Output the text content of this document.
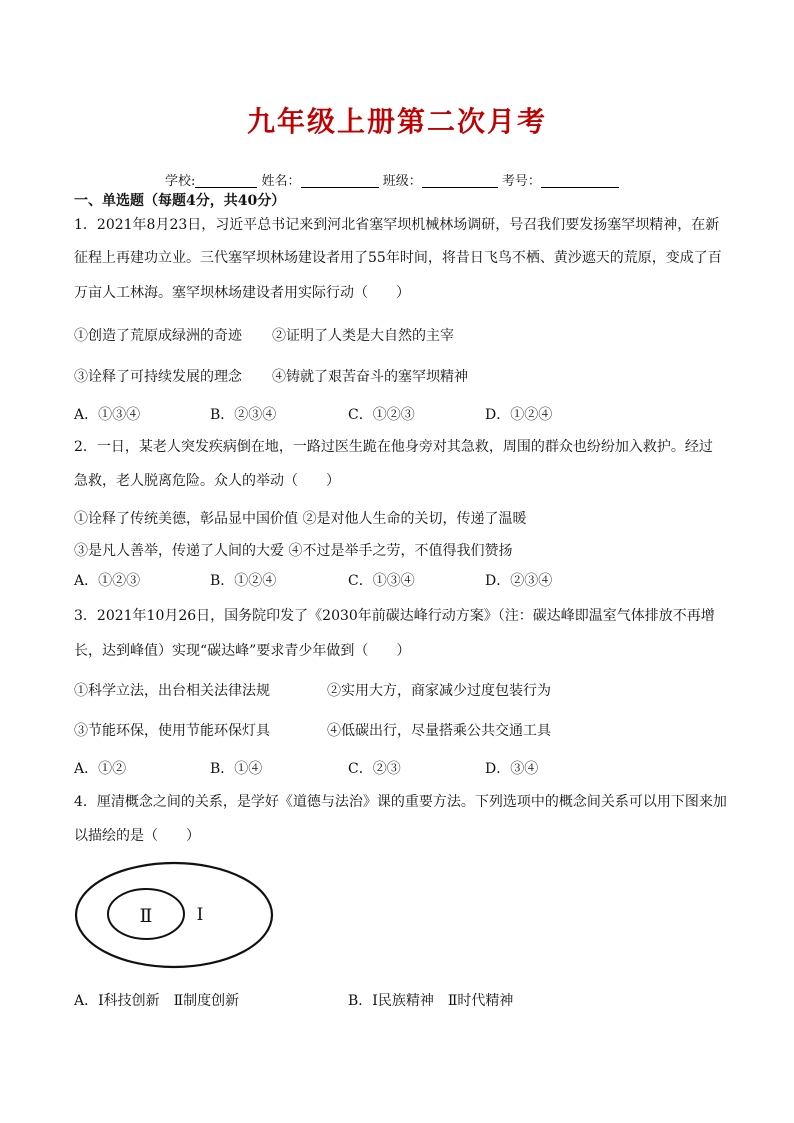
九年级上册第二次月考
学校:	姓名：	班级：	考号：
一、单选题（每题4分，共40分）
1．2021年8月23日，习近平总书记来到河北省塞罕坝机械林场调研，号召我们要发扬塞罕坝精神，在新
征程上再建功立业。三代塞罕坝林场建设者用了55年时间，将昔日飞鸟不栖、黄沙遮天的荒原，变成了百
万亩人工林海。塞罕坝林场建设者用实际行动（　　）
①创造了荒原成绿洲的奇迹 ②证明了人类是大自然的主宰
③诠释了可持续发展的理念 ④铸就了艰苦奋斗的塞罕坝精神
A．①③④	B．②③④	C．①②③	D．①②④
2．一日，某老人突发疾病倒在地，一路过医生跪在他身旁对其急救，周围的群众也纷纷加入救护。经过
急救，老人脱离危险。众人的举动（　　）
①诠释了传统美德，彰品显中国价值 ②是对他人生命的关切，传递了温暖
③是凡人善举，传递了人间的大爱 ④不过是举手之劳，不值得我们赞扬
A．①②③	B．①②④	C．①③④	D．②③④
3．2021年10月26日，国务院印发了《2030年前碳达峰行动方案》（注：碳达峰即温室气体排放不再增
长，达到峰值）实现“碳达峰”要求青少年做到（　　）
①科学立法，出台相关法律法规	②实用大方，商家减少过度包装行为
③节能环保，使用节能环保灯具	④低碳出行，尽量搭乘公共交通工具
A．①②	B．①④	C．②③	D．③④
4．厘清概念之间的关系，是学好《道德与法治》课的重要方法。下列选项中的概念间关系可以用下图来加
以描绘的是（　　）
Ⅱ	Ⅰ
A．Ⅰ科技创新　Ⅱ制度创新	B．Ⅰ民族精神　Ⅱ时代精神
